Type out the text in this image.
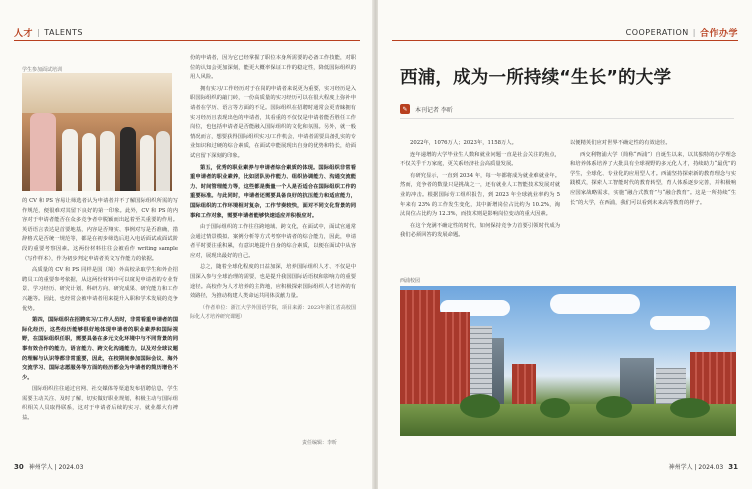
人才 | TALENTS
学生参加面试培训

的 CV 和 PS 容易让筛选者认为申请者并不了解国际组织所需的写作规范，便很难对其留下良好的第一印象。此外，CV 和 PS 的内容对于申请者能否在众多竞争者中脱颖而出起着至关重要的作用。英语语言表达是首要地基，内容是否翔实、事例对写是否准确，措辞格式是否统一规范等，都是在初步筛选后进入电话面试或面试阶段的重要考察因素。这两份材料往往会被看作 writing sample（写作样本），作为初步判定申请者英文写作能力的依据。

高质量的 CV 和 PS 同样是国（境）外高校录取学生和外企招聘员工的重要参考依据，从这两份材料中可以窥见申请者的专业背景、学习经历、研究计划、科研方向、研究成果、研究能力和工作兴趣等。因此，也经常会被申请者用来提升入职和学术发展的竞争优势。

第四，国际组织在招聘实习/工作人员时，非常看重申请者的国际化经历，这些经历能够很好地体现申请者的职业素养和国际视野，在国际组织任职，需要具备在多元文化环境中与不同背景的同事有效合作的能力，语言能力、跨文化沟通能力，以及对全球议题的理解与认识等都非常重要，因此，在校期间参加国际会议、海外交流学习、国际志愿服务等方面的经历都会为申请者的简历增色不少。

国际组织往往通过官网、社交媒体等渠道发布招聘信息，学生需要主动关注、及时了解，切实做好职业规划，积极主动与国际组织相关人员取得联系，这对于申请者后续的实习、就业都大有裨益。

份的申请者，因为它已经掌握了职位本身所需要的必备工作技能，对职位的认知会更加深刻，能更大概率保证工作的稳定性，降低国际组织的用人风险。

拥有实习/工作经历对于在岗的申请者来说更为重要，实习经历是入职国际组织的敲门砖，一份高质量的实习经历可以在很大程度上弥补申请者在学历、语言等方面的不足。国际组织在招聘时通常会更青睐拥有实习经历且表现出色的申请者，其看重的不仅仅是申请者能否胜任工作岗位，也包括申请者是否能融入国际组织的文化和氛围。另外，就一般情况而言，想要获得国际组织实习/工作机会，申请者需要具备扎实的专业知识和过硬的综合素质，在面试中能展现出自身的优势和特长，给面试官留下深刻的印象。

第五，优秀的职业素养与申请者综合素质的体现。国际组织非常看重申请者的职业素养，比如团队协作能力、组织协调能力、沟通交流能力、时间管理能力等，这些都是衡量一个人是否适合在国际组织工作的重要标准。与此同时，申请者还需要具备良好的抗压能力和适应能力，国际组织的工作环境相对复杂，工作节奏较快，面对不同文化背景的同事和工作对象，需要申请者能够快速适应并积极应对。

由于国际组织的工作往往跨地域、跨文化，在面试中，面试官通常会通过情景模拟、案例分析等方式考察申请者的综合能力，因此，申请者平时要注重积累，有意识地提升自身的综合素质，以便在面试中从容应对，展现出最好的自己。

总之，随着全球化程度的日益加深，培养国际组织人才、不仅是中国深入参与全球治理的需要，也是提升我国国际话语权和影响力的重要途径。高校作为人才培养的主阵地，应积极探索国际组织人才培养的有效路径，为推动构建人类命运共同体贡献力量。

（作者单位：浙江大学外国语学院，项目来源：2023年浙江省高校国际化人才培养研究课题）

责任编辑：李昕
30 神州学人 | 2024.03
COOPERATION | 合作办学
西浦，成为一所持续“生长”的大学
✎	本刊记者 李昕

2022年，1076万人；2023年，1158万人。

连年递增的大学毕业生人数和就业问题一直是社会关注的焦点，不仅关乎千万家庭，更关系经济社会高质量发展。

有研究显示，一直到 2034 年，每一年都将成为就业难就业年。然而，竞争者的数量只是挑战之一，还有就业人工智能技术发展对就业的冲击。根据国际劳工组织报告，到 2023 年全球就业率约为 5 年来有 23% 的工作发生变化，其中新增岗位占比约为 10.2%，淘汰岗位占比约为 12.3%，而技术则是影响岗位变动的重大因素。

在这个充满不确定性的时代，如何保持竞争力首要引领时代成为我们必须回答的发展命题。

以便精英们应对世界不确定性的有效途径。

西交利物浦大学（简称“西浦”）自诞生以来，以其独特的办学理念和培养体系培养了大批具有全球视野的多元化人才，持续助力“最优”的学生，全球化、专业化的应用型人才。西浦坚持探索新的教育理念与实践模式，探索人工智能时代的教育转型，育人体系逐步完善，并积极响应国家战略需求，实施“融合式教育”与“融合教育”。这是一所持续“生长”的大学，在西浦，我们可以看到未来高等教育的样子。

西浦校园
神州学人 | 2024.03 31
